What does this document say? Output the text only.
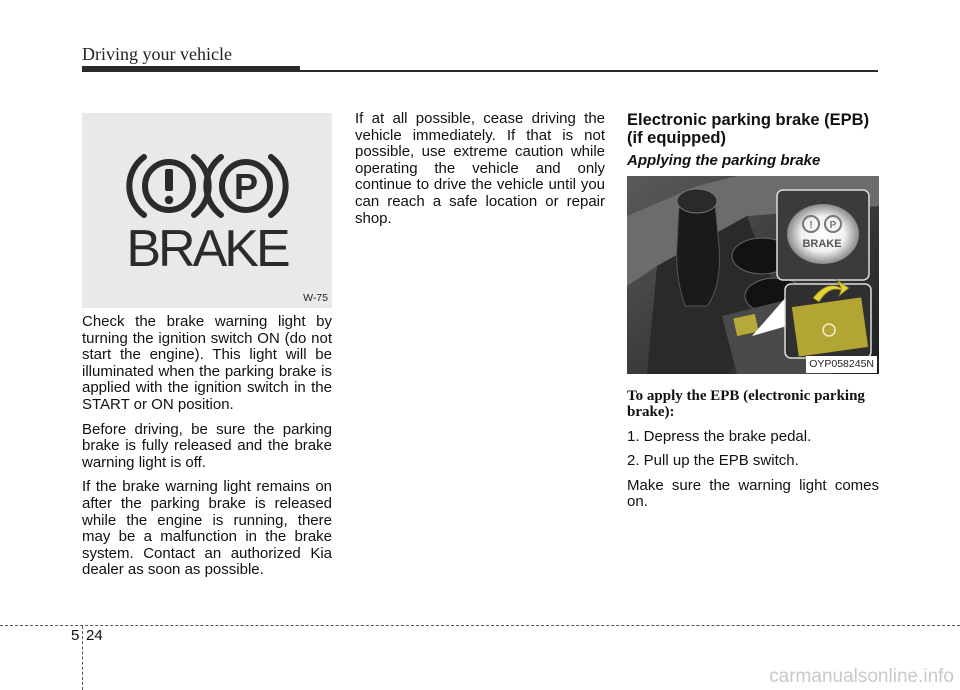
Driving your vehicle
P
BRAKE
W-75

Check the brake warning light by turning the ignition switch ON (do not start the engine). This light will be illuminated when the parking brake is applied with the ignition switch in the START or ON position.

Before driving, be sure the parking brake is fully released and the brake warning light is off.

If the brake warning light remains on after the parking brake is released while the engine is running, there may be a malfunction in the brake system. Contact an authorized Kia dealer as soon as possible.

If at all possible, cease driving the vehicle immediately. If that is not possible, use extreme caution while operating the vehicle and only continue to drive the vehicle until you can reach a safe location or repair shop.

Electronic parking brake (EPB) (if equipped)
Applying the parking brake
! P
BRAKE
OYP058245N
To apply the EPB (electronic parking brake):

1. Depress the brake pedal.

2. Pull up the EPB switch.

Make sure the warning light comes on.

5 24
carmanualsonline.info
